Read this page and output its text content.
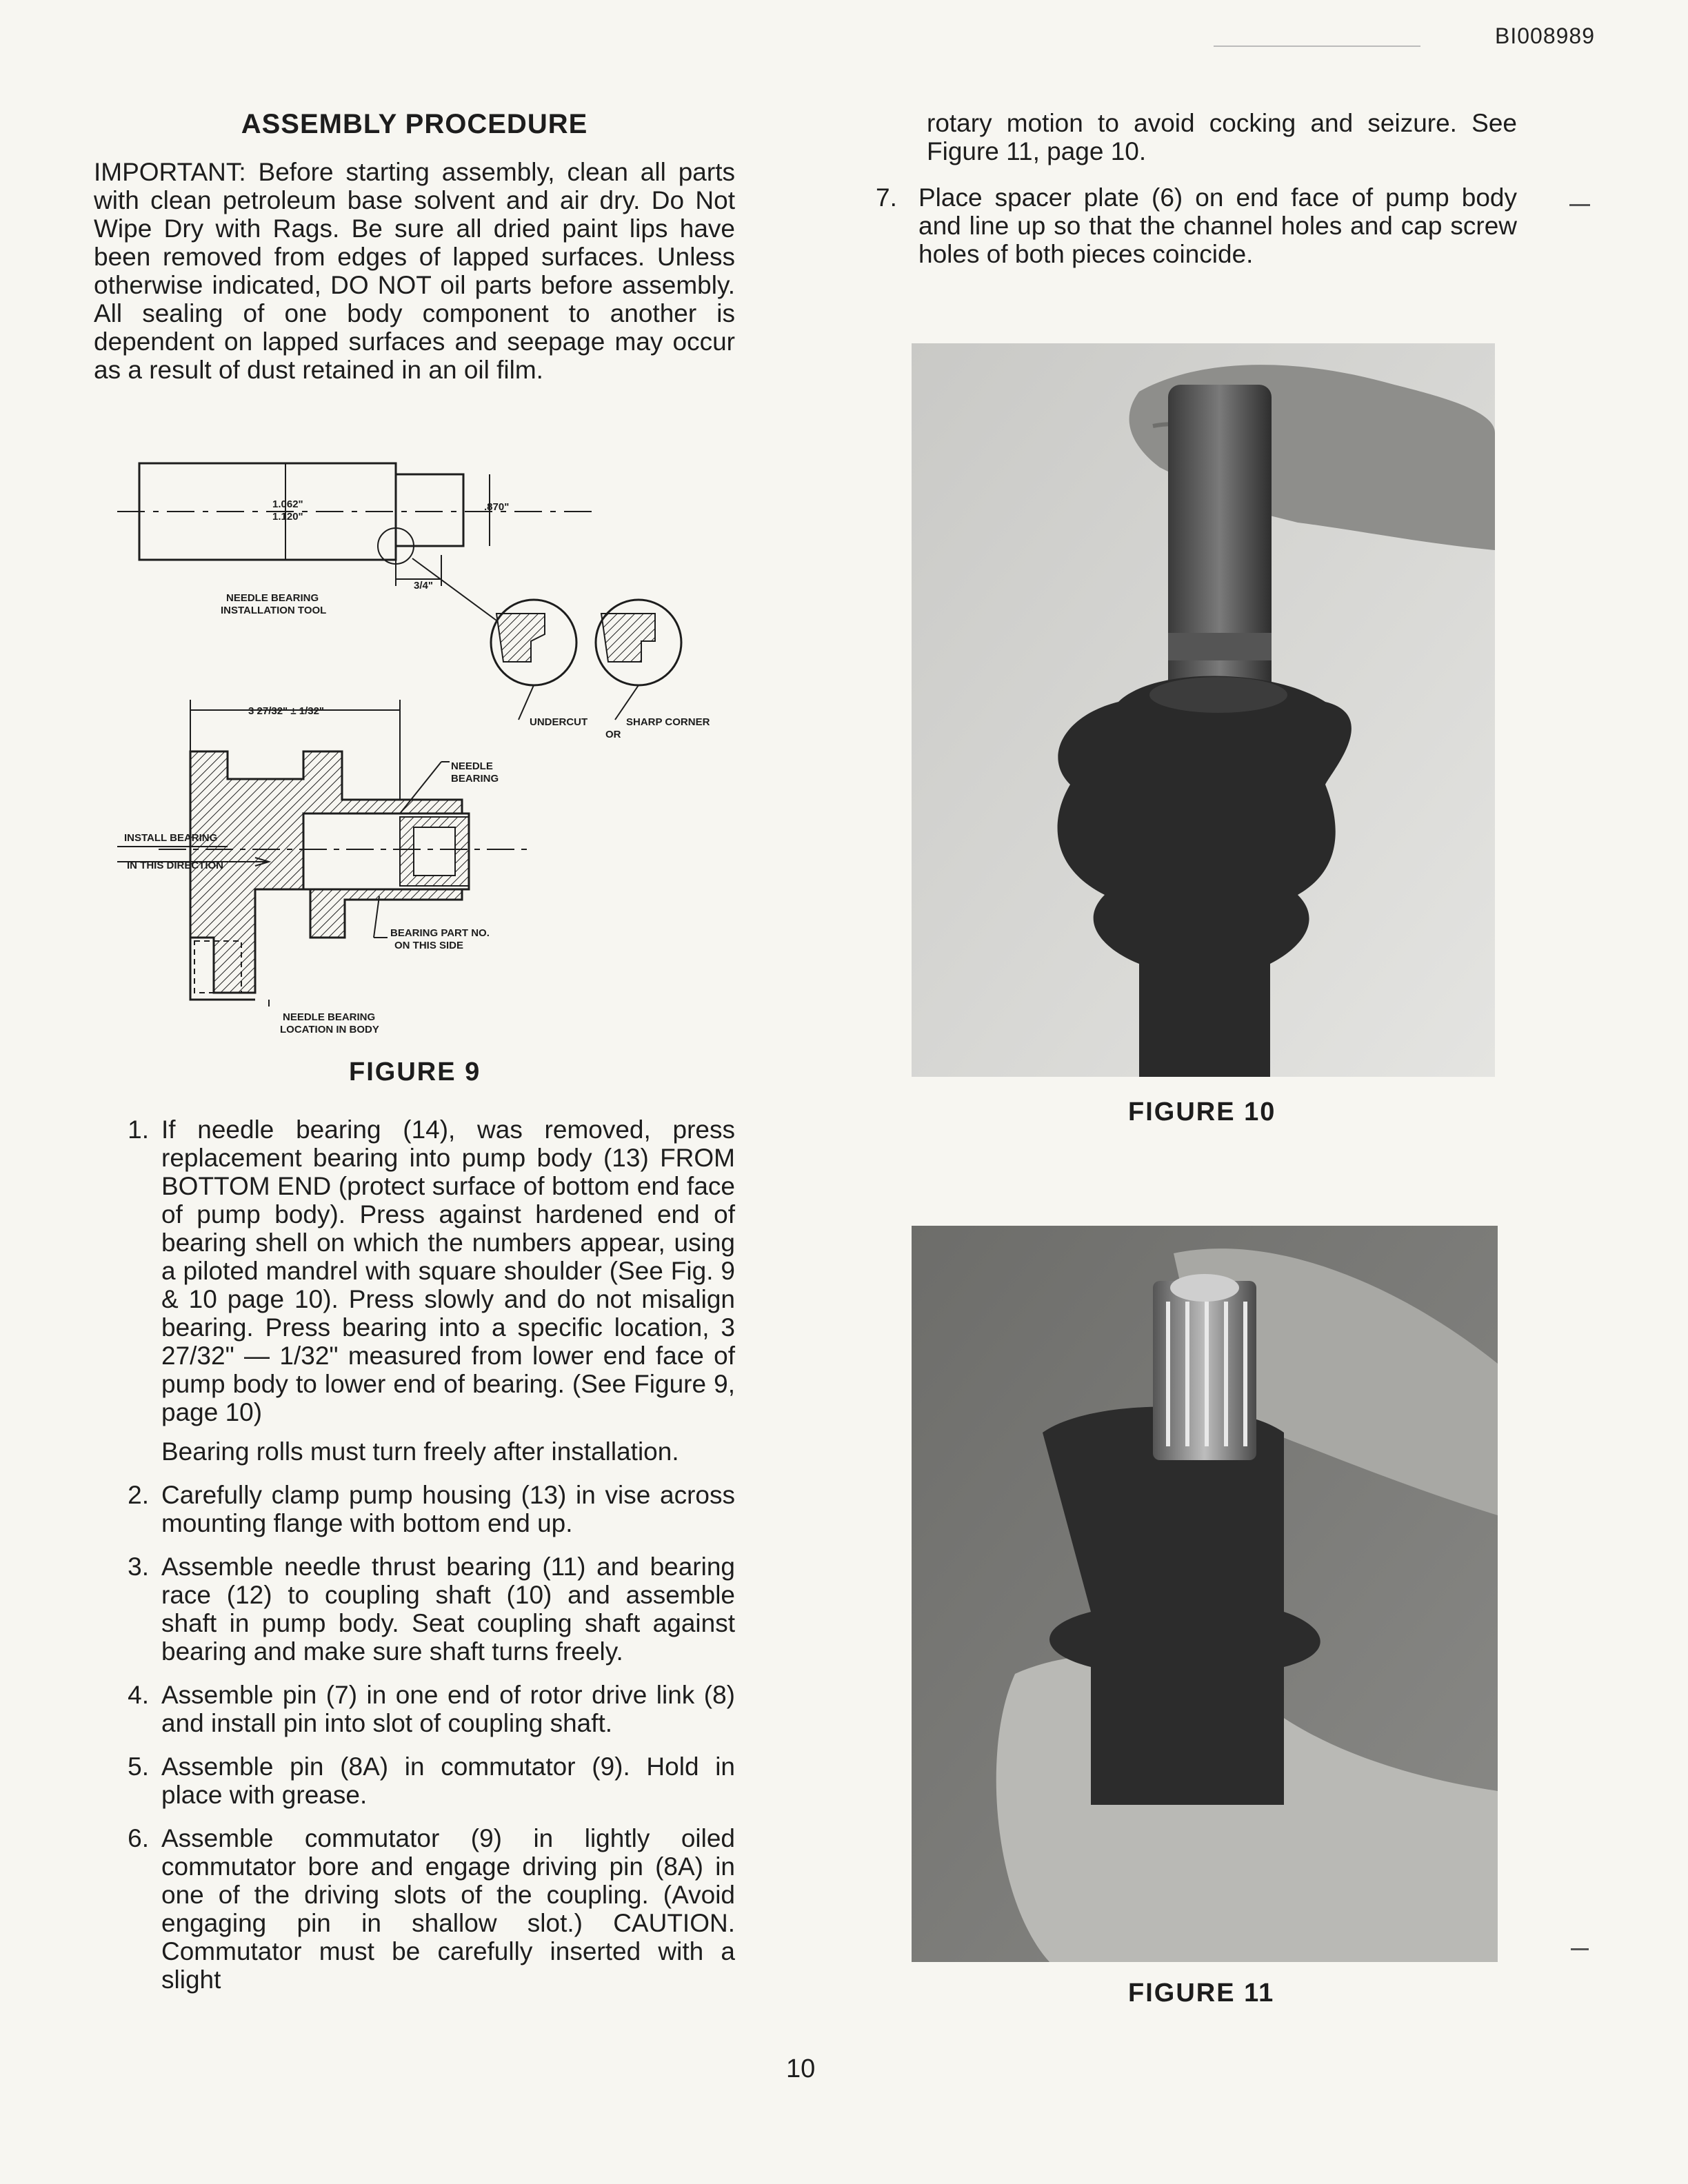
BI008989
ASSEMBLY PROCEDURE

IMPORTANT: Before starting assembly, clean all parts with clean petroleum base solvent and air dry. Do Not Wipe Dry with Rags. Be sure all dried paint lips have been removed from edges of lapped surfaces. Unless otherwise indicated, DO NOT oil parts before assembly. All sealing of one body component to another is dependent on lapped surfaces and seepage may occur as a result of dust retained in an oil film.

1.062"
1.120"
.870"
3/4"
NEEDLE BEARING
INSTALLATION TOOL
UNDERCUT
OR
SHARP CORNER
3 27/32" ± 1/32"
NEEDLE
BEARING
INSTALL BEARING
IN THIS DIRECTION
BEARING PART NO.
ON THIS SIDE
NEEDLE BEARING
LOCATION IN BODY
FIGURE 9
1. If needle bearing (14), was removed, press replacement bearing into pump body (13) FROM BOTTOM END (protect surface of bottom end face of pump body). Press against hardened end of bearing shell on which the numbers appear, using a piloted mandrel with square shoulder (See Fig. 9 & 10 page 10). Press slowly and do not misalign bearing. Press bearing into a specific location, 3 27/32" — 1/32" measured from lower end face of pump body to lower end of bearing. (See Figure 9, page 10)
Bearing rolls must turn freely after installation.
2. Carefully clamp pump housing (13) in vise across mounting flange with bottom end up.
3. Assemble needle thrust bearing (11) and bearing race (12) to coupling shaft (10) and assemble shaft in pump body. Seat coupling shaft against bearing and make sure shaft turns freely.
4. Assemble pin (7) in one end of rotor drive link (8) and install pin into slot of coupling shaft.
5. Assemble pin (8A) in commutator (9). Hold in place with grease.
6. Assemble commutator (9) in lightly oiled commutator bore and engage driving pin (8A) in one of the driving slots of the coupling. (Avoid engaging pin in shallow slot.) CAUTION. Commutator must be carefully inserted with a slight

rotary motion to avoid cocking and seizure. See Figure 11, page 10.

7. Place spacer plate (6) on end face of pump body and line up so that the channel holes and cap screw holes of both pieces coincide.
FIGURE 10
FIGURE 11
10
